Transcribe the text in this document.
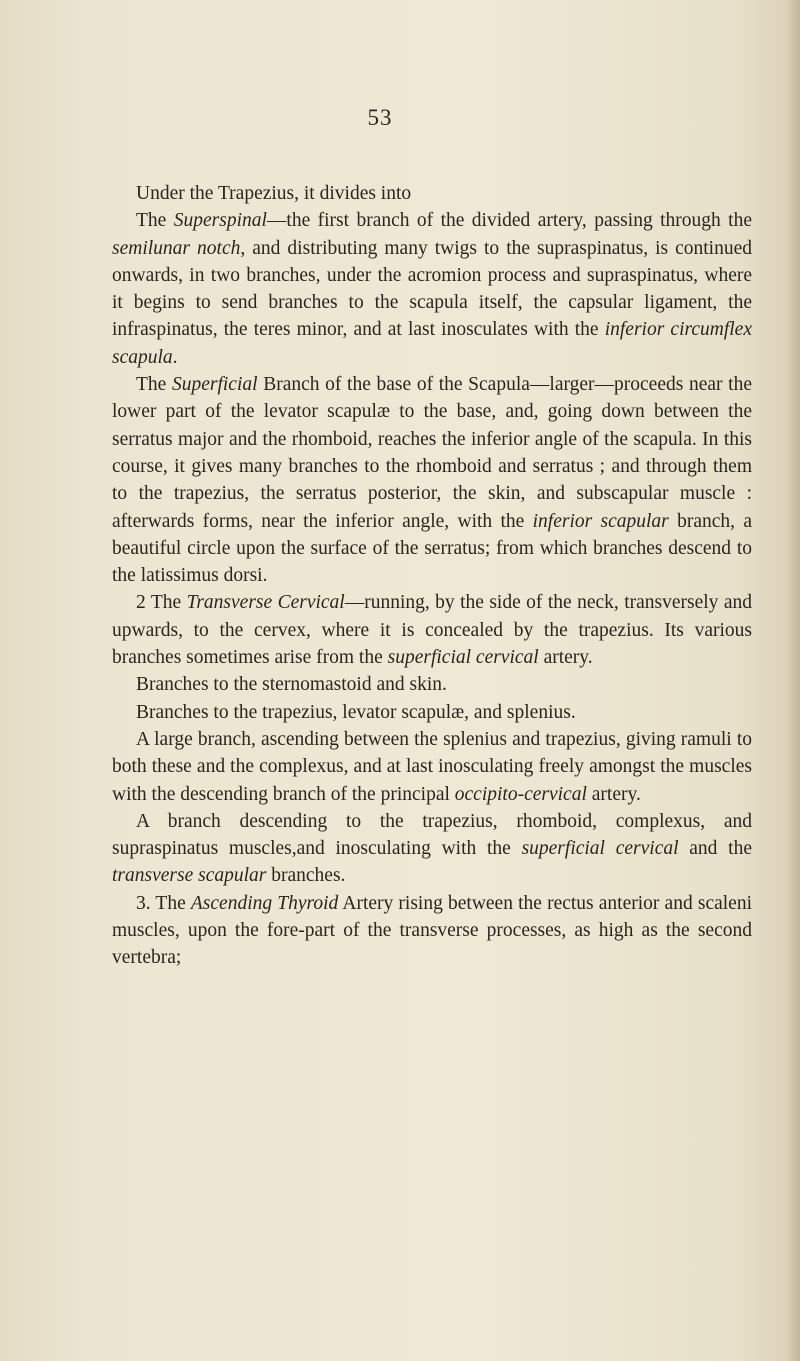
53

Under the Trapezius, it divides into

The Superspinal—the first branch of the divided artery, passing through the semilunar notch, and distributing many twigs to the supraspinatus, is continued onwards, in two branches, under the acromion process and supraspinatus, where it begins to send branches to the scapula itself, the capsular ligament, the infraspinatus, the teres minor, and at last inosculates with the inferior circumflex scapula.

The Superficial Branch of the base of the Scapula—larger—proceeds near the lower part of the levator scapulæ to the base, and, going down between the serratus major and the rhomboid, reaches the inferior angle of the scapula. In this course, it gives many branches to the rhomboid and serratus ; and through them to the trapezius, the serratus posterior, the skin, and subscapular muscle : afterwards forms, near the inferior angle, with the inferior scapular branch, a beautiful circle upon the surface of the serratus; from which branches descend to the latissimus dorsi.

2 The Transverse Cervical—running, by the side of the neck, transversely and upwards, to the cervex, where it is concealed by the trapezius. Its various branches sometimes arise from the superficial cervical artery.

Branches to the sternomastoid and skin.

Branches to the trapezius, levator scapulæ, and splenius.

A large branch, ascending between the splenius and trapezius, giving ramuli to both these and the complexus, and at last inosculating freely amongst the muscles with the descending branch of the principal occipito-cervical artery.

A branch descending to the trapezius, rhomboid, complexus, and supraspinatus muscles,and inosculating with the superficial cervical and the transverse scapular branches.

3. The Ascending Thyroid Artery rising between the rectus anterior and scaleni muscles, upon the fore-part of the transverse processes, as high as the second vertebra;
